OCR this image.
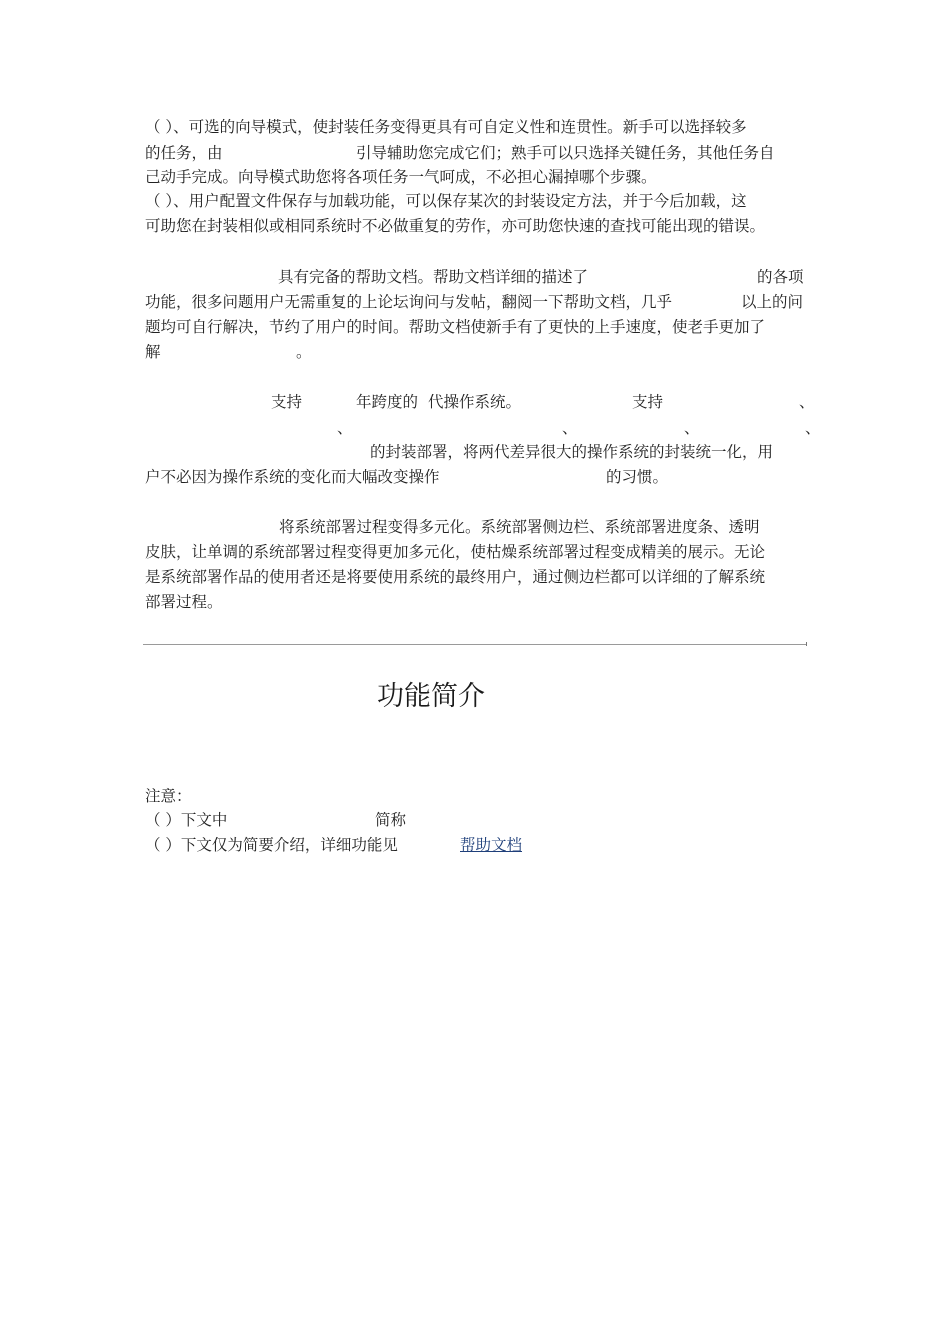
（ ）、可选的向导模式，使封装任务变得更具有可自定义性和连贯性。新手可以选择较多
的任务，由	引导辅助您完成它们；熟手可以只选择关键任务，其他任务自
己动手完成。向导模式助您将各项任务一气呵成，不必担心漏掉哪个步骤。
（ ）、用户配置文件保存与加载功能，可以保存某次的封装设定方法，并于今后加载，这
可助您在封装相似或相同系统时不必做重复的劳作，亦可助您快速的查找可能出现的错误。
具有完备的帮助文档。帮助文档详细的描述了	的各项
功能，很多问题用户无需重复的上论坛询问与发帖，翻阅一下帮助文档，几乎	以上的问
题均可自行解决，节约了用户的时间。帮助文档使新手有了更快的上手速度，使老手更加了
解	。
支持	年跨度的 代操作系统。	支持	、
、	、	、	、
的封装部署，将两代差异很大的操作系统的封装统一化，用
户不必因为操作系统的变化而大幅改变操作	的习惯。
将系统部署过程变得多元化。系统部署侧边栏、系统部署进度条、透明
皮肤，让单调的系统部署过程变得更加多元化，使枯燥系统部署过程变成精美的展示。无论
是系统部署作品的使用者还是将要使用系统的最终用户，通过侧边栏都可以详细的了解系统
部署过程。
功能简介
注意：
（ ）下文中	简称
（ ）下文仅为简要介绍，详细功能见	帮助文档
